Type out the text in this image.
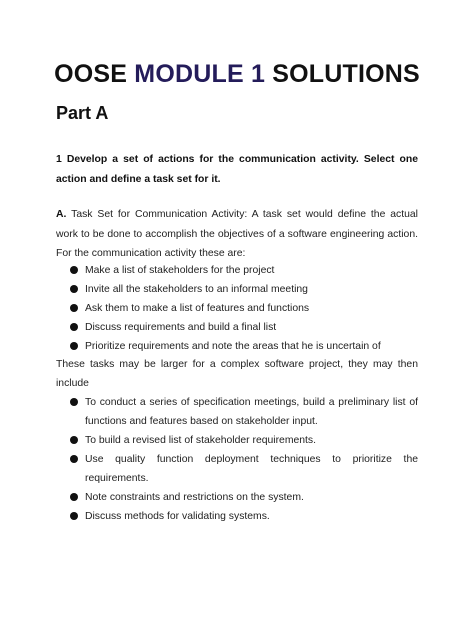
OOSE MODULE 1 SOLUTIONS
Part A
1 Develop a set of actions for the communication activity. Select one action and define a task set for it.
A. Task Set for Communication Activity: A task set would define the actual work to be done to accomplish the objectives of a software engineering action. For the communication activity these are:
Make a list of stakeholders for the project
Invite all the stakeholders to an informal meeting
Ask them to make a list of features and functions
Discuss requirements and build a final list
Prioritize requirements and note the areas that he is uncertain of
These tasks may be larger for a complex software project, they may then include
To conduct a series of specification meetings, build a preliminary list of functions and features based on stakeholder input.
To build a revised list of stakeholder requirements.
Use quality function deployment techniques to prioritize the requirements.
Note constraints and restrictions on the system.
Discuss methods for validating systems.
